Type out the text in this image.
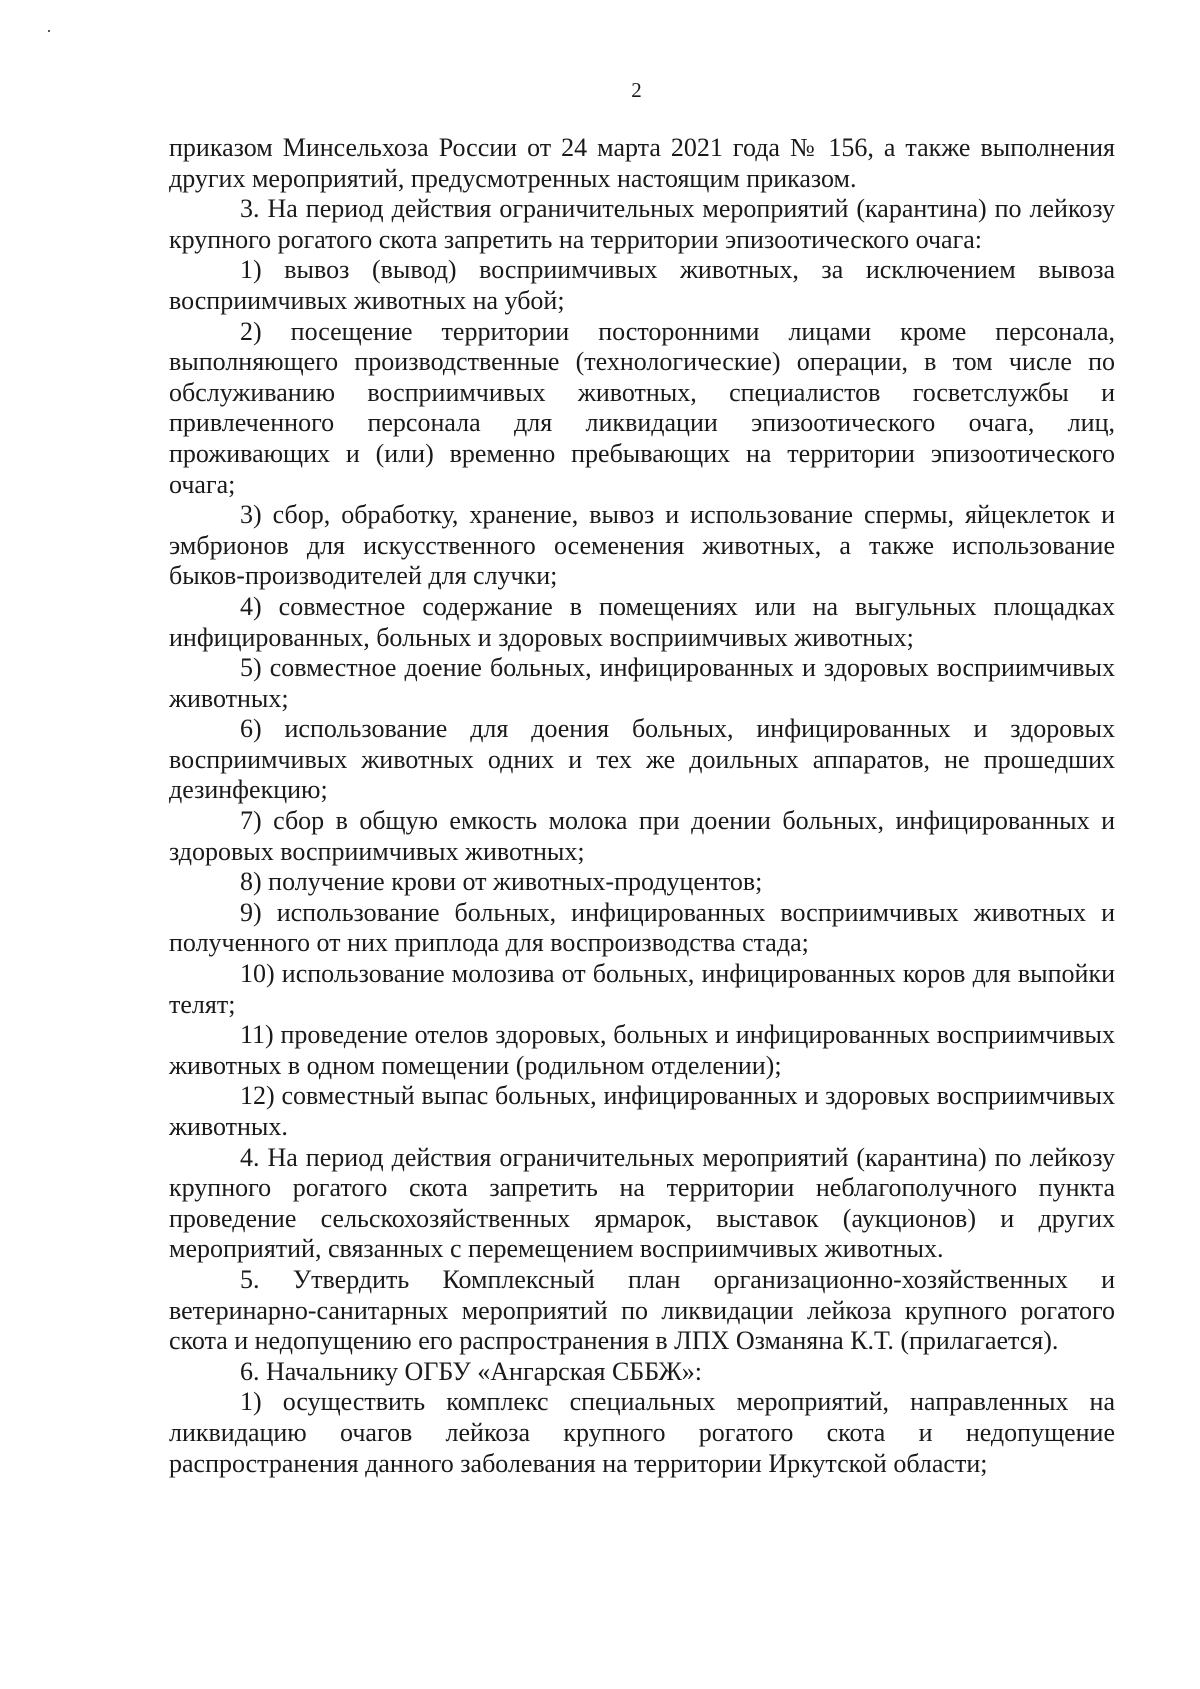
2

приказом Минсельхоза России от 24 марта 2021 года № 156, а также выполнения других мероприятий, предусмотренных настоящим приказом.

3. На период действия ограничительных мероприятий (карантина) по лейкозу крупного рогатого скота запретить на территории эпизоотического очага:

1) вывоз (вывод) восприимчивых животных, за исключением вывоза восприимчивых животных на убой;

2) посещение территории посторонними лицами кроме персонала, выполняющего производственные (технологические) операции, в том числе по обслуживанию восприимчивых животных, специалистов госветслужбы и привлеченного персонала для ликвидации эпизоотического очага, лиц, проживающих и (или) временно пребывающих на территории эпизоотического очага;

3) сбор, обработку, хранение, вывоз и использование спермы, яйцеклеток и эмбрионов для искусственного осеменения животных, а также использование быков-производителей для случки;

4) совместное содержание в помещениях или на выгульных площадках инфицированных, больных и здоровых восприимчивых животных;

5) совместное доение больных, инфицированных и здоровых восприимчивых животных;

6) использование для доения больных, инфицированных и здоровых восприимчивых животных одних и тех же доильных аппаратов, не прошедших дезинфекцию;

7) сбор в общую емкость молока при доении больных, инфицированных и здоровых восприимчивых животных;

8) получение крови от животных-продуцентов;

9) использование больных, инфицированных восприимчивых животных и полученного от них приплода для воспроизводства стада;

10) использование молозива от больных, инфицированных коров для выпойки телят;

11) проведение отелов здоровых, больных и инфицированных восприимчивых животных в одном помещении (родильном отделении);

12) совместный выпас больных, инфицированных и здоровых восприимчивых животных.

4. На период действия ограничительных мероприятий (карантина) по лейкозу крупного рогатого скота запретить на территории неблагополучного пункта проведение сельскохозяйственных ярмарок, выставок (аукционов) и других мероприятий, связанных с перемещением восприимчивых животных.

5. Утвердить Комплексный план организационно-хозяйственных и ветеринарно-санитарных мероприятий по ликвидации лейкоза крупного рогатого скота и недопущению его распространения в ЛПХ Озманяна К.Т. (прилагается).

6. Начальнику ОГБУ «Ангарская СББЖ»:

1) осуществить комплекс специальных мероприятий, направленных на ликвидацию очагов лейкоза крупного рогатого скота и недопущение распространения данного заболевания на территории Иркутской области;
